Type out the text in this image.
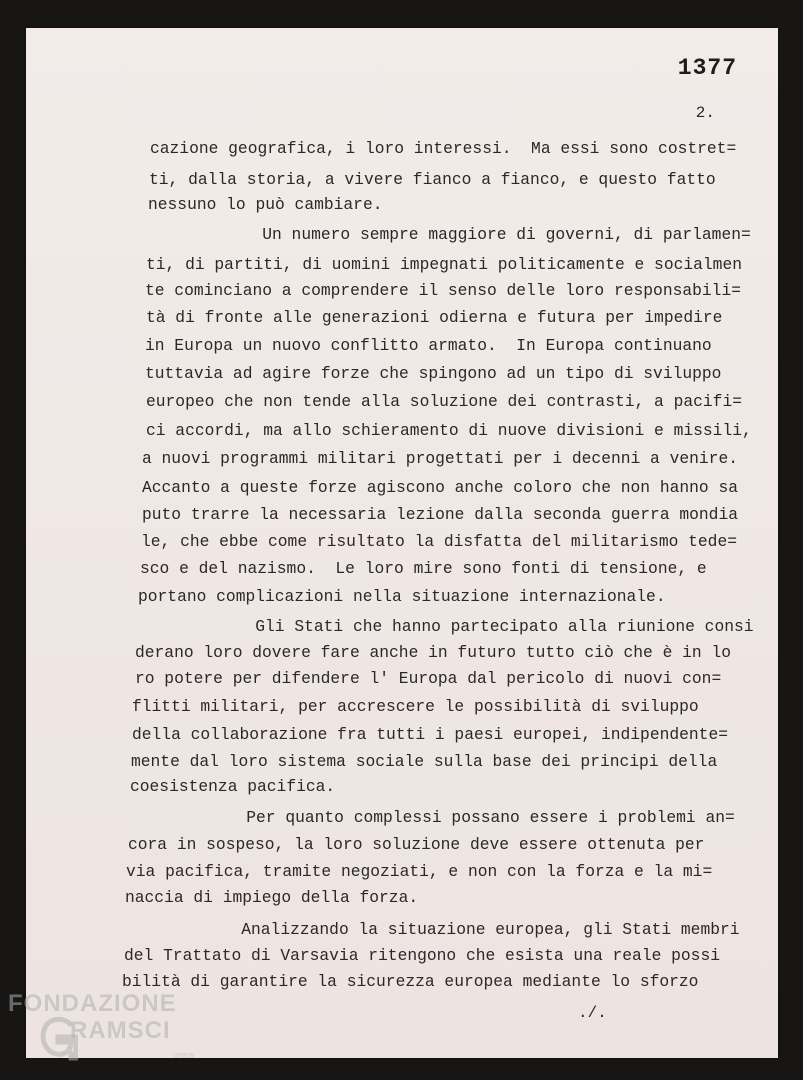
1377
2.
cazione geografica, i loro interessi.  Ma essi sono costret=
ti, dalla storia, a vivere fianco a fianco, e questo fatto
nessuno lo può cambiare.
Un numero sempre maggiore di governi, di parlamen=
ti, di partiti, di uomini impegnati politicamente e socialmen
te cominciano a comprendere il senso delle loro responsabili=
tà di fronte alle generazioni odierna e futura per impedire
in Europa un nuovo conflitto armato.  In Europa continuano
tuttavia ad agire forze che spingono ad un tipo di sviluppo
europeo che non tende alla soluzione dei contrasti, a pacifi=
ci accordi, ma allo schieramento di nuove divisioni e missili,
a nuovi programmi militari progettati per i decenni a venire.
Accanto a queste forze agiscono anche coloro che non hanno sa
puto trarre la necessaria lezione dalla seconda guerra mondia
le, che ebbe come risultato la disfatta del militarismo tede=
sco e del nazismo.  Le loro mire sono fonti di tensione, e
portano complicazioni nella situazione internazionale.
Gli Stati che hanno partecipato alla riunione consi
derano loro dovere fare anche in futuro tutto ciò che è in lo
ro potere per difendere l' Europa dal pericolo di nuovi con=
flitti militari, per accrescere le possibilità di sviluppo
della collaborazione fra tutti i paesi europei, indipendente=
mente dal loro sistema sociale sulla base dei principi della
coesistenza pacifica.
Per quanto complessi possano essere i problemi an=
cora in sospeso, la loro soluzione deve essere ottenuta per
via pacifica, tramite negoziati, e non con la forza e la mi=
naccia di impiego della forza.
Analizzando la situazione europea, gli Stati membri
del Trattato di Varsavia ritengono che esista una reale possi
bilità di garantire la sicurezza europea mediante lo sforzo
./.
FONDAZIONE
RAMSCI
onlus
